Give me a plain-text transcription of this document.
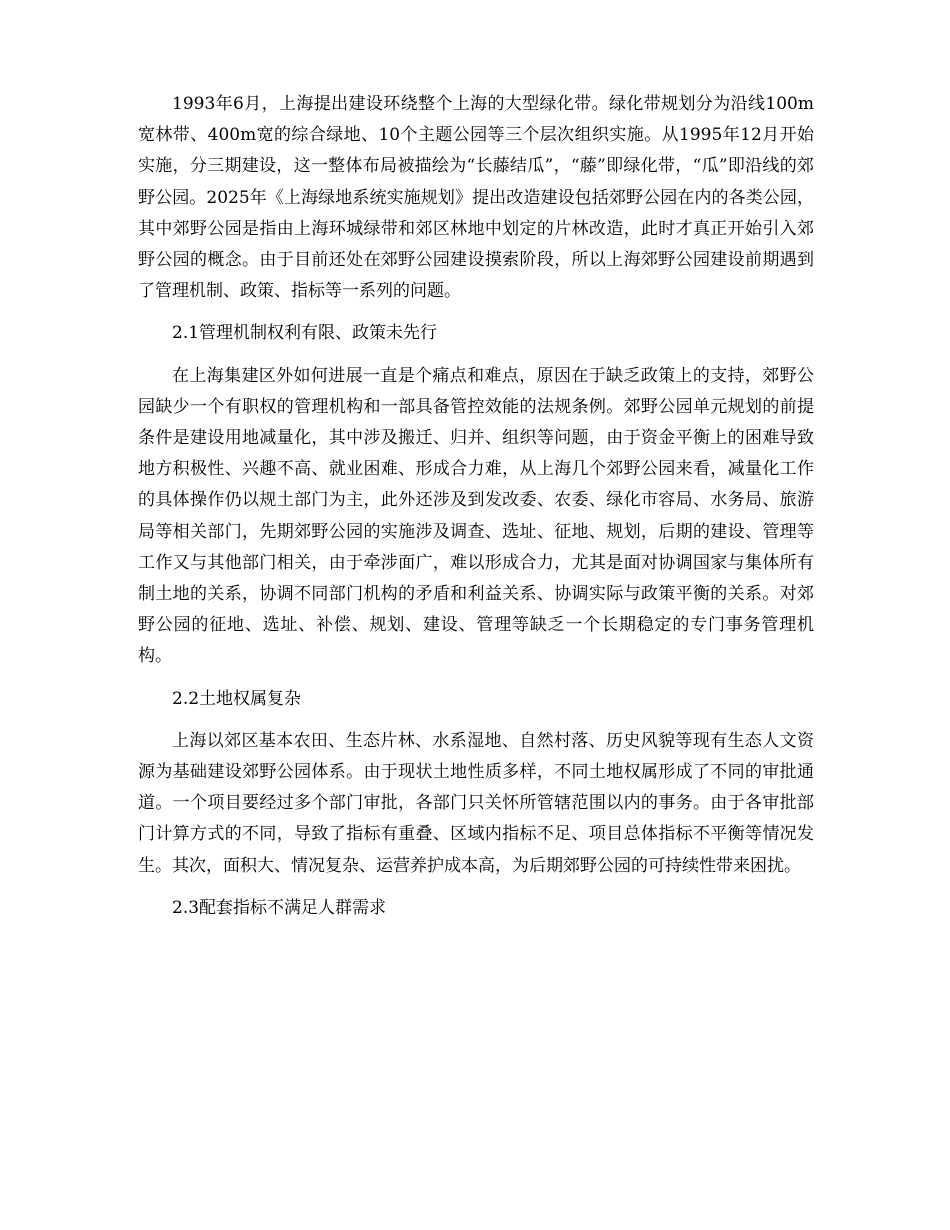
1993年6月，上海提出建设环绕整个上海的大型绿化带。绿化带规划分为沿线100m宽林带、400m宽的综合绿地、10个主题公园等三个层次组织实施。从1995年12月开始实施，分三期建设，这一整体布局被描绘为“长藤结瓜”，“藤”即绿化带，“瓜”即沿线的郊野公园。2025年《上海绿地系统实施规划》提出改造建设包括郊野公园在内的各类公园，其中郊野公园是指由上海环城绿带和郊区林地中划定的片林改造，此时才真正开始引入郊野公园的概念。由于目前还处在郊野公园建设摸索阶段，所以上海郊野公园建设前期遇到了管理机制、政策、指标等一系列的问题。

2.1管理机制权利有限、政策未先行

在上海集建区外如何进展一直是个痛点和难点，原因在于缺乏政策上的支持，郊野公园缺少一个有职权的管理机构和一部具备管控效能的法规条例。郊野公园单元规划的前提条件是建设用地减量化，其中涉及搬迁、归并、组织等问题，由于资金平衡上的困难导致地方积极性、兴趣不高、就业困难、形成合力难，从上海几个郊野公园来看，减量化工作的具体操作仍以规土部门为主，此外还涉及到发改委、农委、绿化市容局、水务局、旅游局等相关部门，先期郊野公园的实施涉及调查、选址、征地、规划，后期的建设、管理等工作又与其他部门相关，由于牵涉面广，难以形成合力，尤其是面对协调国家与集体所有制土地的关系，协调不同部门机构的矛盾和利益关系、协调实际与政策平衡的关系。对郊野公园的征地、选址、补偿、规划、建设、管理等缺乏一个长期稳定的专门事务管理机构。

2.2土地权属复杂

上海以郊区基本农田、生态片林、水系湿地、自然村落、历史风貌等现有生态人文资源为基础建设郊野公园体系。由于现状土地性质多样，不同土地权属形成了不同的审批通道。一个项目要经过多个部门审批，各部门只关怀所管辖范围以内的事务。由于各审批部门计算方式的不同，导致了指标有重叠、区域内指标不足、项目总体指标不平衡等情况发生。其次，面积大、情况复杂、运营养护成本高，为后期郊野公园的可持续性带来困扰。

2.3配套指标不满足人群需求
